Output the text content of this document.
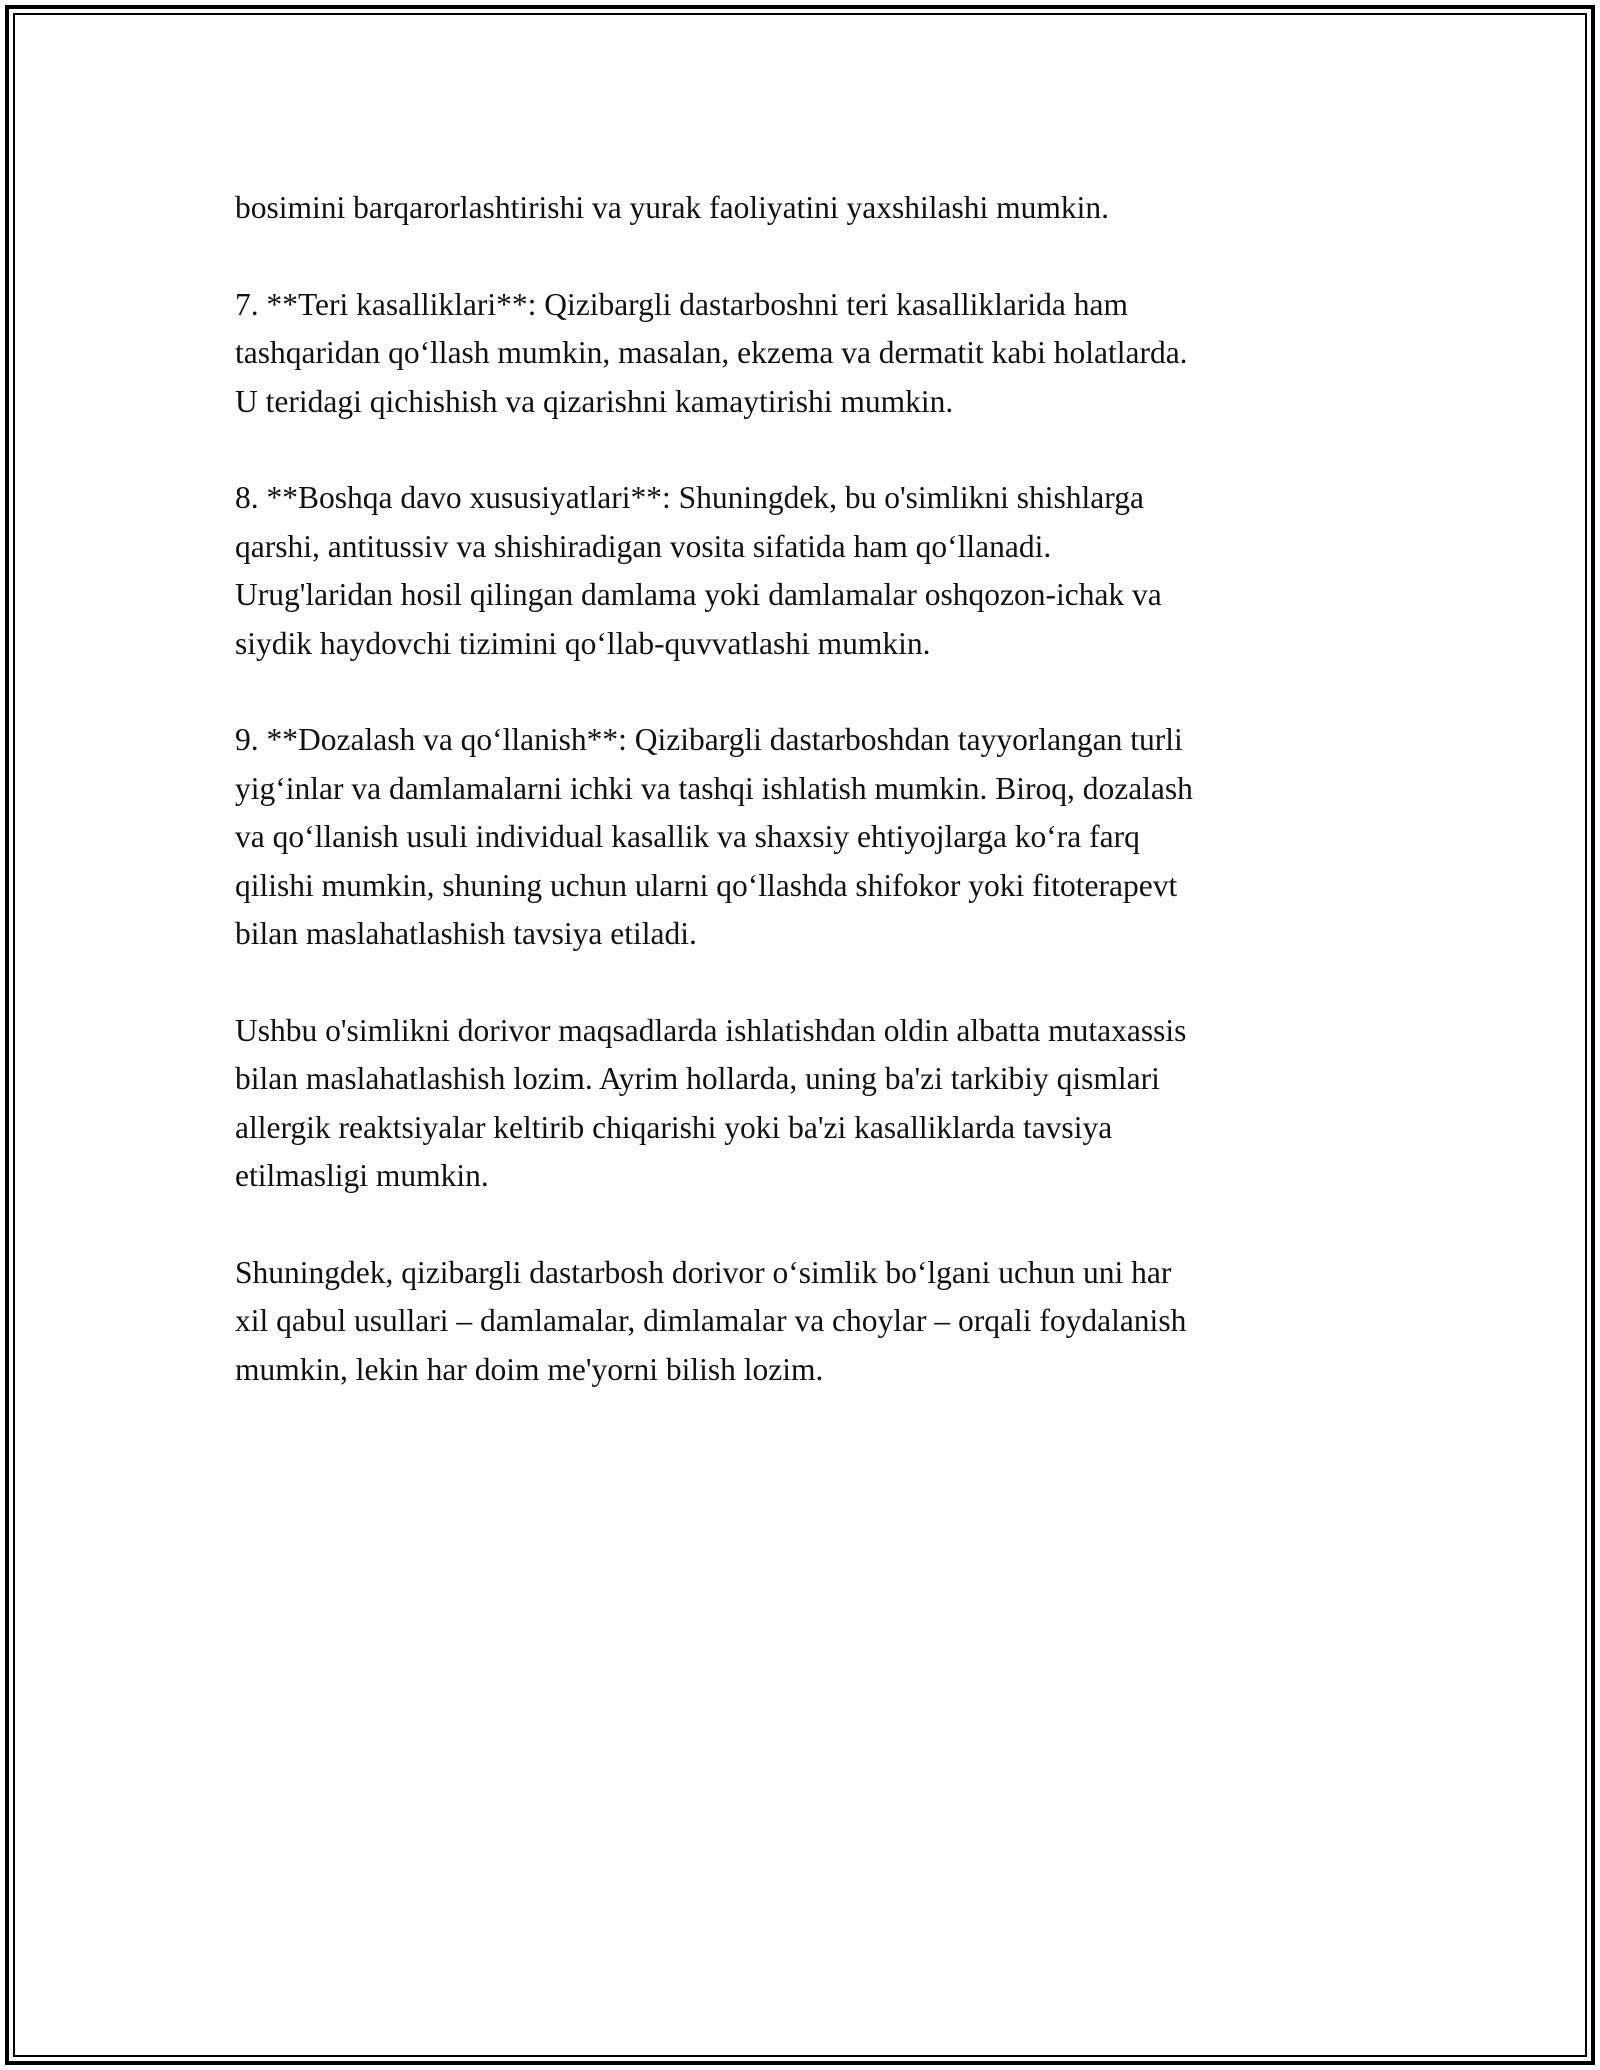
bosimini barqarorlashtirishi va yurak faoliyatini yaxshilashi mumkin.

7. **Teri kasalliklari**: Qizibargli dastarboshni teri kasalliklarida ham
tashqaridan qo‘llash mumkin, masalan, ekzema va dermatit kabi holatlarda.
U teridagi qichishish va qizarishni kamaytirishi mumkin.

8. **Boshqa davo xususiyatlari**: Shuningdek, bu o'simlikni shishlarga
qarshi, antitussiv va shishiradigan vosita sifatida ham qo‘llanadi.
Urug'laridan hosil qilingan damlama yoki damlamalar oshqozon-ichak va
siydik haydovchi tizimini qo‘llab-quvvatlashi mumkin.

9. **Dozalash va qo‘llanish**: Qizibargli dastarboshdan tayyorlangan turli
yig‘inlar va damlamalarni ichki va tashqi ishlatish mumkin. Biroq, dozalash
va qo‘llanish usuli individual kasallik va shaxsiy ehtiyojlarga ko‘ra farq
qilishi mumkin, shuning uchun ularni qo‘llashda shifokor yoki fitoterapevt
bilan maslahatlashish tavsiya etiladi.

Ushbu o'simlikni dorivor maqsadlarda ishlatishdan oldin albatta mutaxassis
bilan maslahatlashish lozim. Ayrim hollarda, uning ba'zi tarkibiy qismlari
allergik reaktsiyalar keltirib chiqarishi yoki ba'zi kasalliklarda tavsiya
etilmasligi mumkin.

Shuningdek, qizibargli dastarbosh dorivor o‘simlik bo‘lgani uchun uni har
xil qabul usullari – damlamalar, dimlamalar va choylar – orqali foydalanish
mumkin, lekin har doim me'yorni bilish lozim.
